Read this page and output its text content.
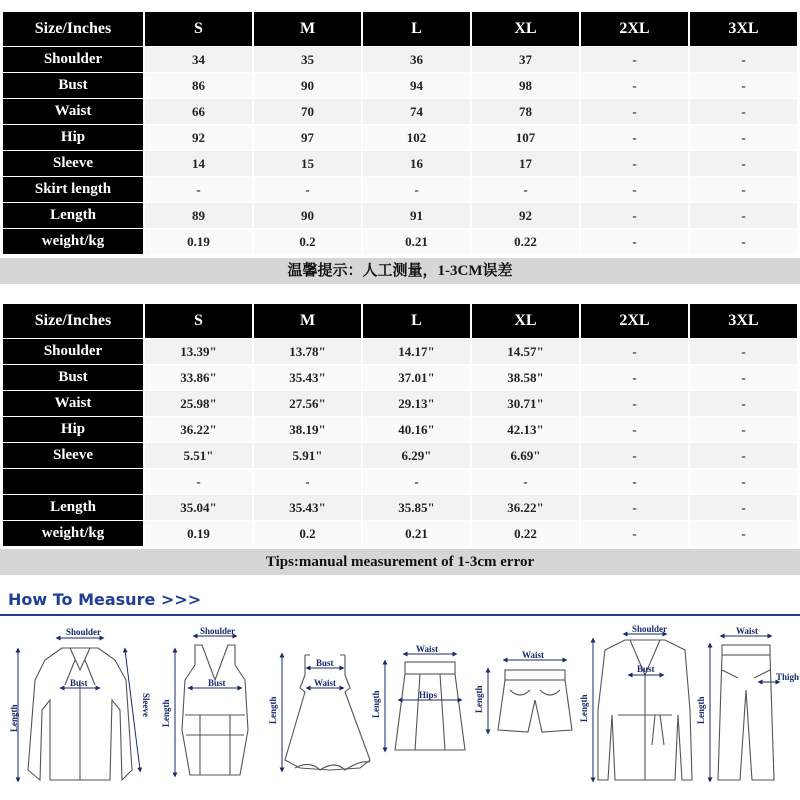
Size/Inches	S	M	L	XL	2XL	3XL
Shoulder	34	35	36	37	-	-
Bust	86	90	94	98	-	-
Waist	66	70	74	78	-	-
Hip	92	97	102	107	-	-
Sleeve	14	15	16	17	-	-
Skirt length	-	-	-	-	-	-
Length	89	90	91	92	-	-
weight/kg	0.19	0.2	0.21	0.22	-	-
温馨提示：人工测量，1-3CM误差
Size/Inches	S	M	L	XL	2XL	3XL
Shoulder	13.39"	13.78"	14.17"	14.57"	-	-
Bust	33.86"	35.43"	37.01"	38.58"	-	-
Waist	25.98"	27.56"	29.13"	30.71"	-	-
Hip	36.22"	38.19"	40.16"	42.13"	-	-
Sleeve	5.51"	5.91"	6.29"	6.69"	-	-
	-	-	-	-	-	-
Length	35.04"	35.43"	35.85"	36.22"	-	-
weight/kg	0.19	0.2	0.21	0.22	-	-
Tips:manual measurement of 1-3cm error
How To Measure >>>
Shoulder
Bust
Length	Sleeve
Shoulder
Bust
Length
Bust
Waist
Length
Waist
Hips
Length
Waist
Length
Shoulder
Bust
Length
Waist
Thigh
Length
